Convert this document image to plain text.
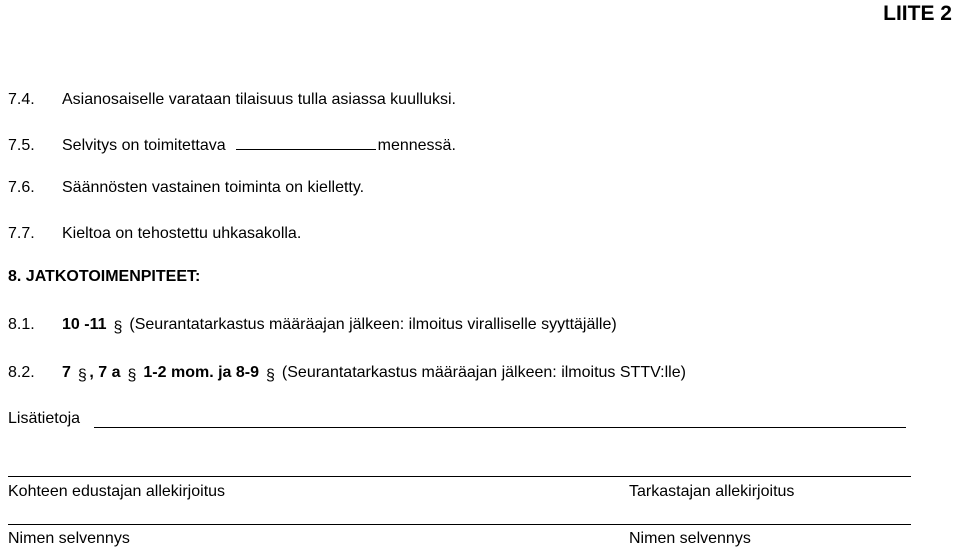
LIITE 2
7.4. Asianosaiselle varataan tilaisuus tulla asiassa kuulluksi.
7.5. Selvitys on toimitettava	mennessä.
7.6. Säännösten vastainen toiminta on kielletty.
7.7. Kieltoa on tehostettu uhkasakolla.
8. JATKOTOIMENPITEET:
8.1. 10 -11 § (Seurantatarkastus määräajan jälkeen: ilmoitus viralliselle syyttäjälle)
8.2. 7 § , 7 a § 1-2 mom. ja 8-9 § (Seurantatarkastus määräajan jälkeen: ilmoitus STTV:lle)
Lisätietoja
Kohteen edustajan allekirjoitus	Tarkastajan allekirjoitus
Nimen selvennys	Nimen selvennys
